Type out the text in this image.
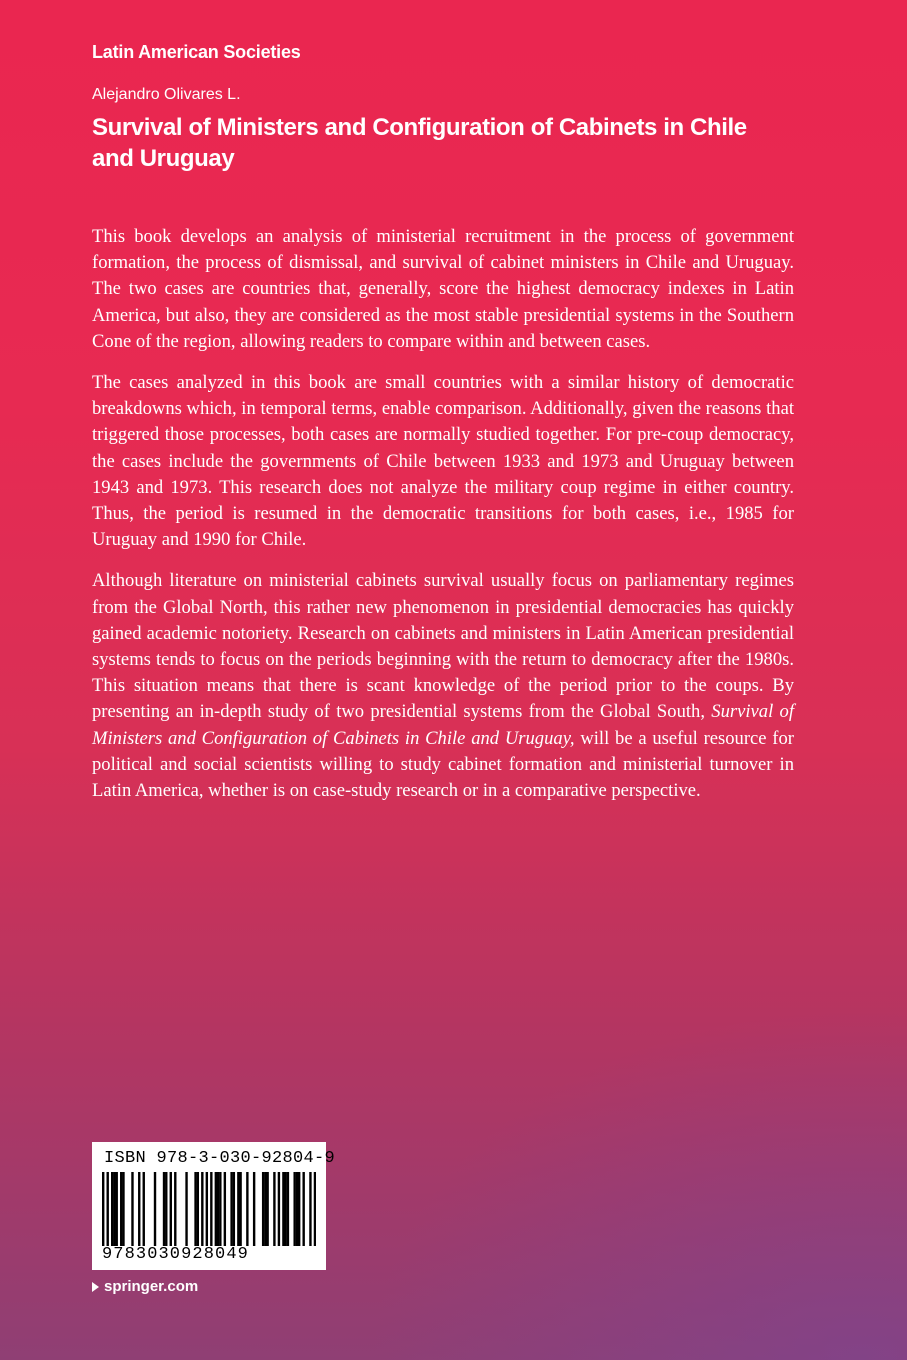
Latin American Societies
Alejandro Olivares L.
Survival of Ministers and Configuration of Cabinets in Chile and Uruguay

This book develops an analysis of ministerial recruitment in the process of government formation, the process of dismissal, and survival of cabinet ministers in Chile and Uruguay. The two cases are countries that, generally, score the highest democracy indexes in Latin America, but also, they are considered as the most stable presidential systems in the Southern Cone of the region, allowing readers to compare within and between cases.

The cases analyzed in this book are small countries with a similar history of democratic breakdowns which, in temporal terms, enable comparison. Additionally, given the reasons that triggered those processes, both cases are normally studied together. For pre-coup democracy, the cases include the governments of Chile between 1933 and 1973 and Uruguay between 1943 and 1973. This research does not analyze the military coup regime in either country. Thus, the period is resumed in the democratic transitions for both cases, i.e., 1985 for Uruguay and 1990 for Chile.

Although literature on ministerial cabinets survival usually focus on parliamentary regimes from the Global North, this rather new phenomenon in presidential democracies has quickly gained academic notoriety. Research on cabinets and ministers in Latin American presidential systems tends to focus on the periods beginning with the return to democracy after the 1980s. This situation means that there is scant knowledge of the period prior to the coups. By presenting an in-depth study of two presidential systems from the Global South, Survival of Ministers and Configuration of Cabinets in Chile and Uruguay, will be a useful resource for political and social scientists willing to study cabinet formation and ministerial turnover in Latin America, whether is on case-study research or in a comparative perspective.

ISBN 978-3-030-92804-9
9783030928049
springer.com
